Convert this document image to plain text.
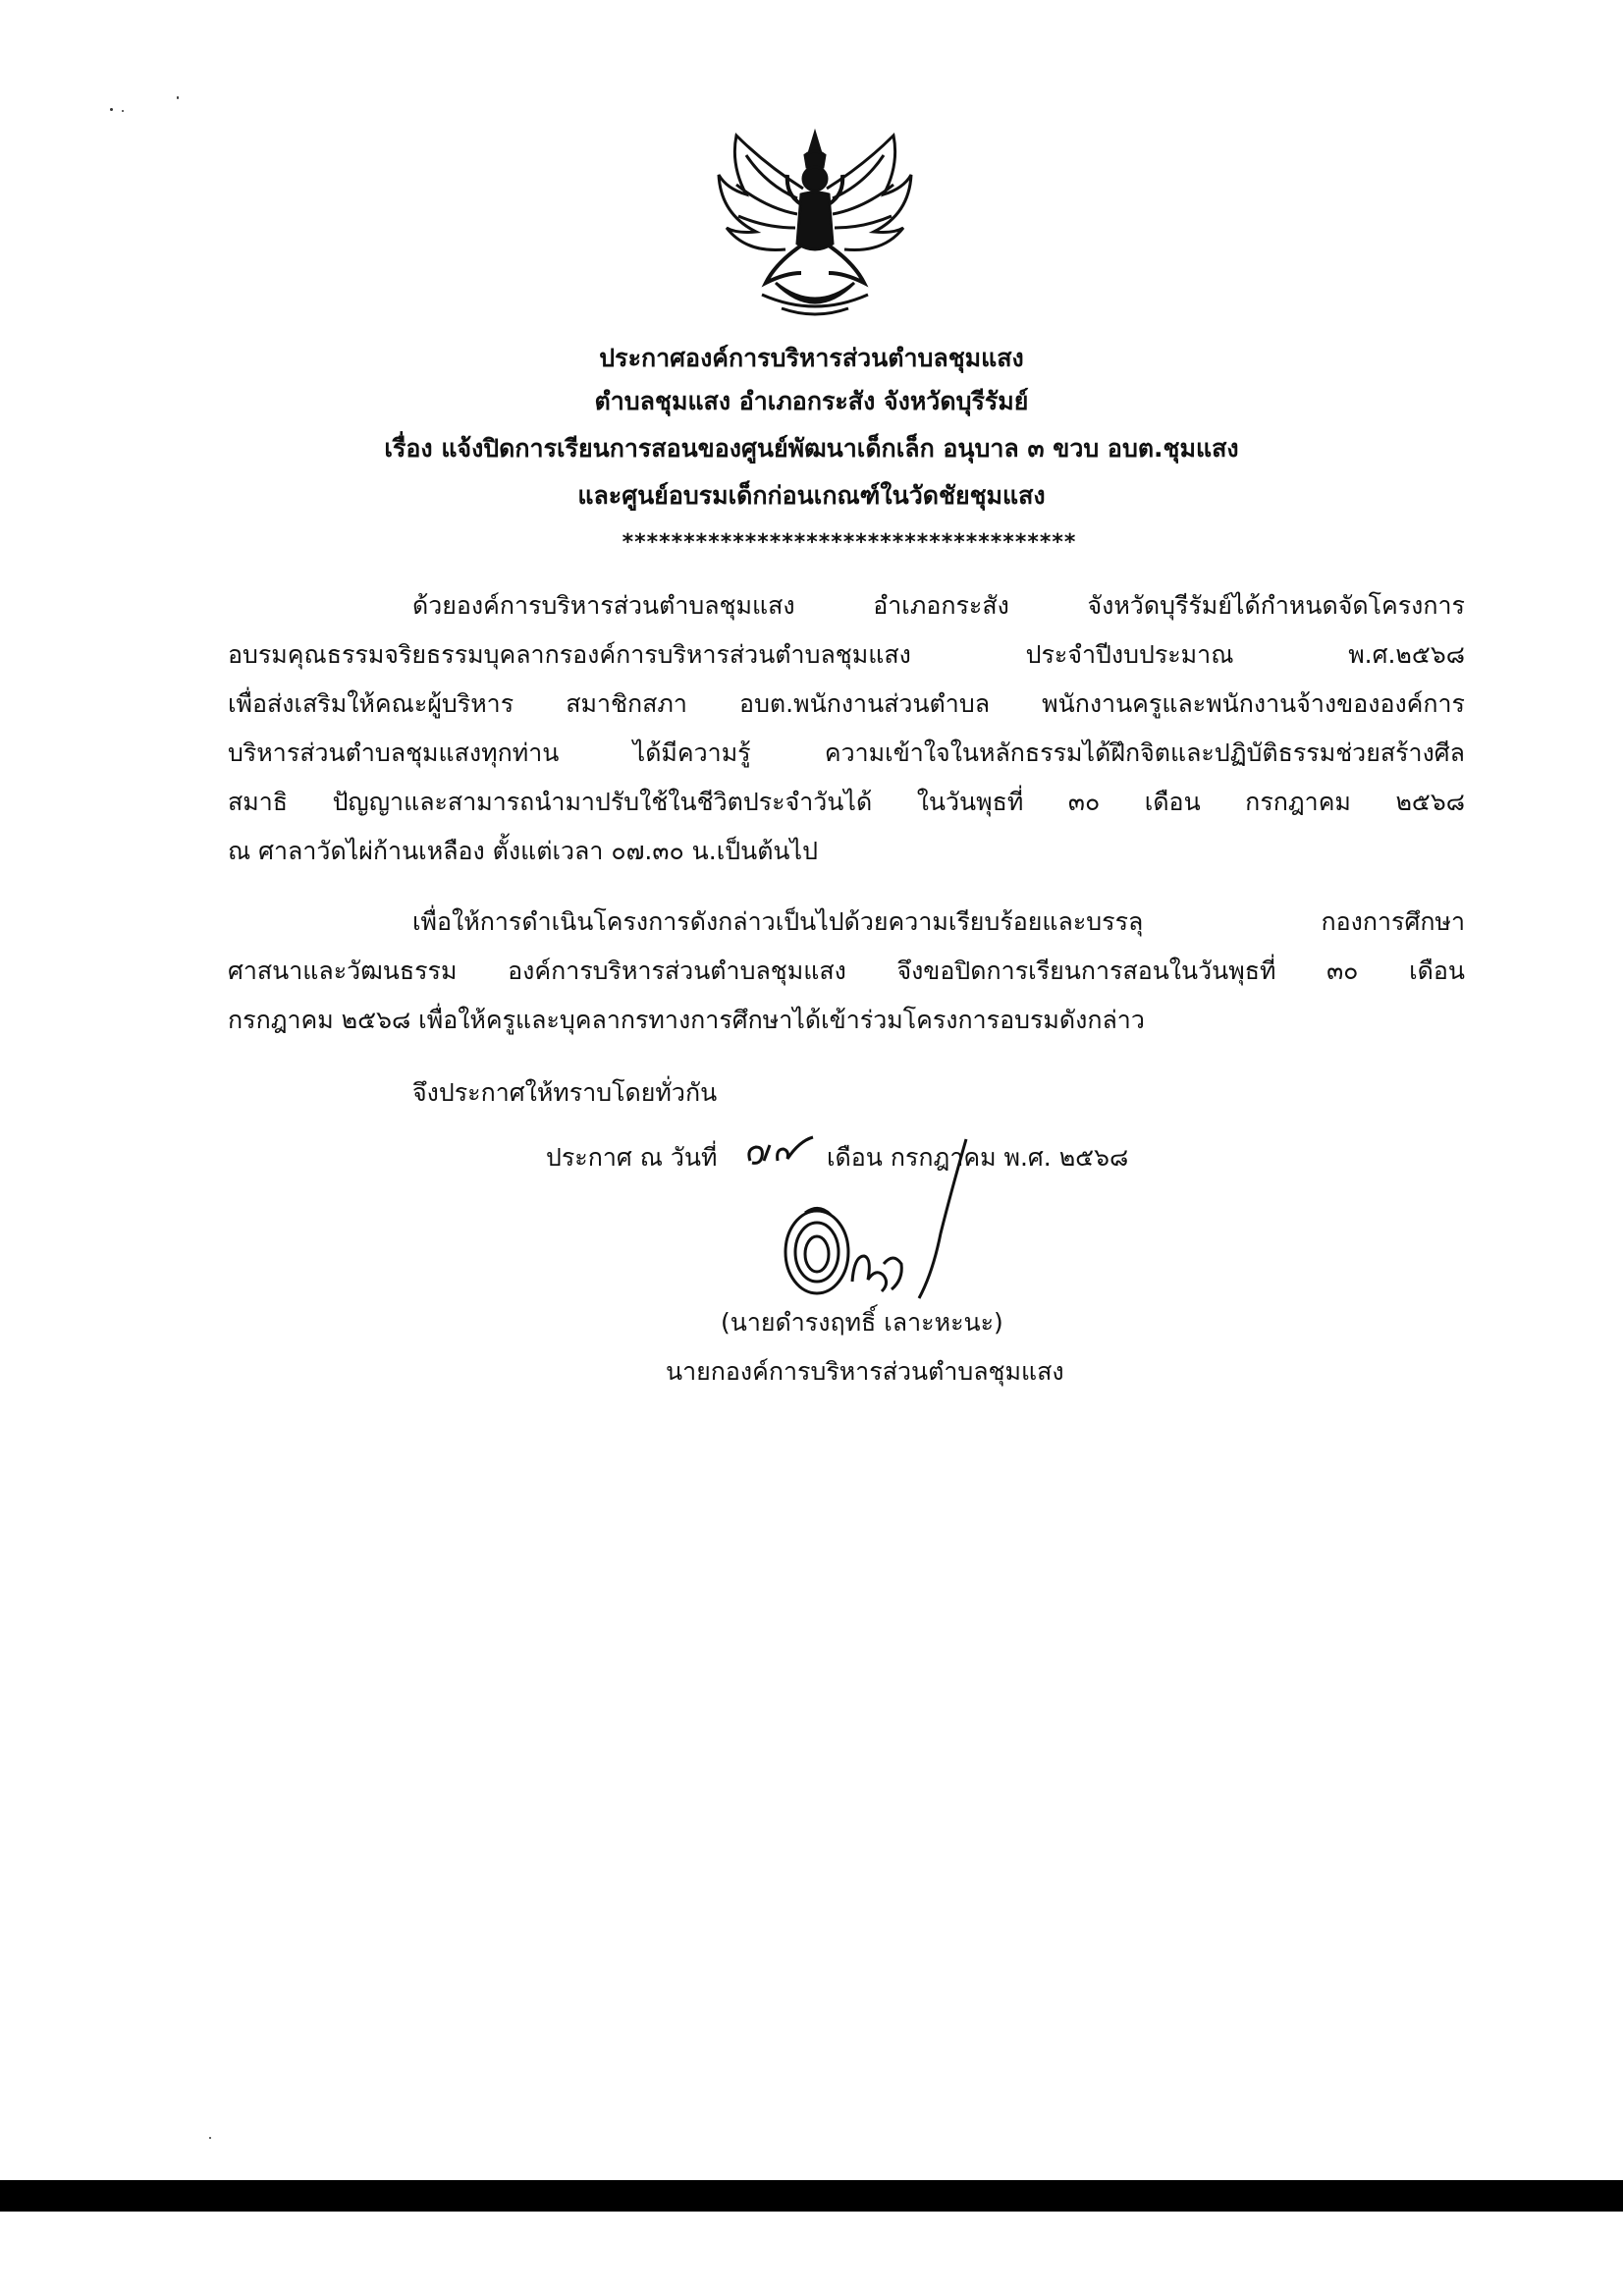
ประกาศองค์การบริหารส่วนตำบลชุมแสง
ตำบลชุมแสง อำเภอกระสัง จังหวัดบุรีรัมย์
เรื่อง แจ้งปิดการเรียนการสอนของศูนย์พัฒนาเด็กเล็ก อนุบาล ๓ ขวบ อบต.ชุมแสง
และศูนย์อบรมเด็กก่อนเกณฑ์ในวัดชัยชุมแสง
*************************************
ด้วยองค์การบริหารส่วนตำบลชุมแสง อำเภอกระสัง จังหวัดบุรีรัมย์ได้กำหนดจัดโครงการ
อบรมคุณธรรมจริยธรรมบุคลากรองค์การบริหารส่วนตำบลชุมแสง ประจำปีงบประมาณ พ.ศ.๒๕๖๘
เพื่อส่งเสริมให้คณะผู้บริหาร สมาชิกสภา อบต.พนักงานส่วนตำบล พนักงานครูและพนักงานจ้างขององค์การ
บริหารส่วนตำบลชุมแสงทุกท่าน ได้มีความรู้ ความเข้าใจในหลักธรรมได้ฝึกจิตและปฏิบัติธรรมช่วยสร้างศีล
สมาธิ ปัญญาและสามารถนำมาปรับใช้ในชีวิตประจำวันได้ ในวันพุธที่ ๓๐ เดือน กรกฎาคม ๒๕๖๘
ณ ศาลาวัดไผ่ก้านเหลือง ตั้งแต่เวลา ๐๗.๓๐ น.เป็นต้นไป
เพื่อให้การดำเนินโครงการดังกล่าวเป็นไปด้วยความเรียบร้อยและบรรลุ กองการศึกษา
ศาสนาและวัฒนธรรม องค์การบริหารส่วนตำบลชุมแสง จึงขอปิดการเรียนการสอนในวันพุธที่ ๓๐ เดือน
กรกฎาคม ๒๕๖๘ เพื่อให้ครูและบุคลากรทางการศึกษาได้เข้าร่วมโครงการอบรมดังกล่าว
จึงประกาศให้ทราบโดยทั่วกัน
ประกาศ ณ วันที่	เดือน กรกฎาคม พ.ศ. ๒๕๖๘
(นายดำรงฤทธิ์ เลาะหะนะ)
นายกองค์การบริหารส่วนตำบลชุมแสง
